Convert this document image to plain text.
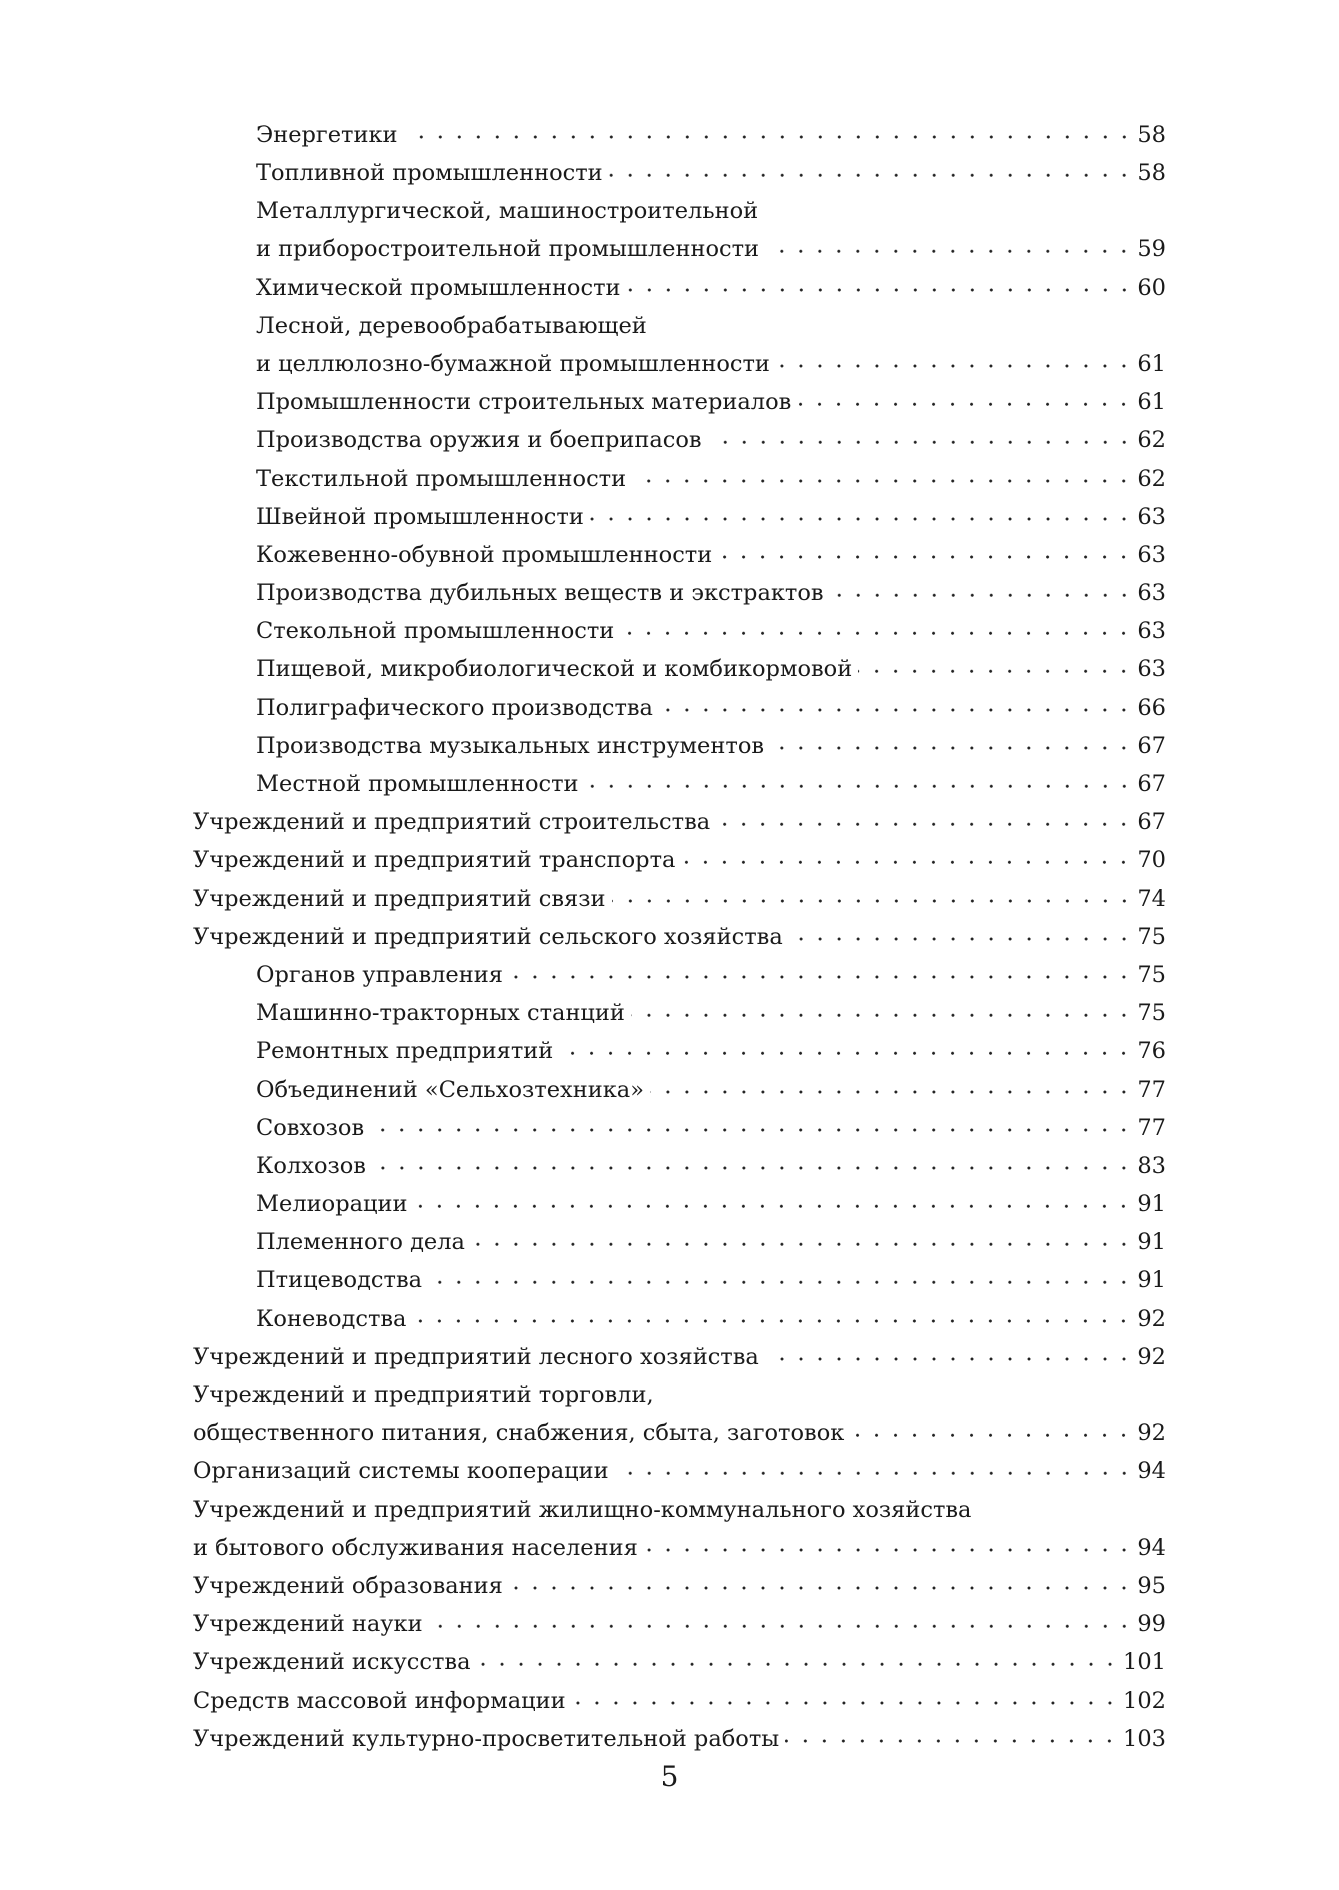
Энергетики	58
Топливной промышленности	58
Металлургической, машиностроительной
и приборостроительной промышленности	59
Химической промышленности	60
Лесной, деревообрабатывающей
и целлюлозно-бумажной промышленности	61
Промышленности строительных материалов	61
Производства оружия и боеприпасов	62
Текстильной промышленности	62
Швейной промышленности	63
Кожевенно-обувной промышленности	63
Производства дубильных веществ и экстрактов	63
Стекольной промышленности	63
Пищевой, микробиологической и комбикормовой	63
Полиграфического производства	66
Производства музыкальных инструментов	67
Местной промышленности	67
Учреждений и предприятий строительства	67
Учреждений и предприятий транспорта	70
Учреждений и предприятий связи	74
Учреждений и предприятий сельского хозяйства	75
Органов управления	75
Машинно-тракторных станций	75
Ремонтных предприятий	76
Объединений «Сельхозтехника»	77
Совхозов	77
Колхозов	83
Мелиорации	91
Племенного дела	91
Птицеводства	91
Коневодства	92
Учреждений и предприятий лесного хозяйства	92
Учреждений и предприятий торговли,
общественного питания, снабжения, сбыта, заготовок	92
Организаций системы кооперации	94
Учреждений и предприятий жилищно-коммунального хозяйства
и бытового обслуживания населения	94
Учреждений образования	95
Учреждений науки	99
Учреждений искусства	101
Средств массовой информации	102
Учреждений культурно-просветительной работы	103
5
